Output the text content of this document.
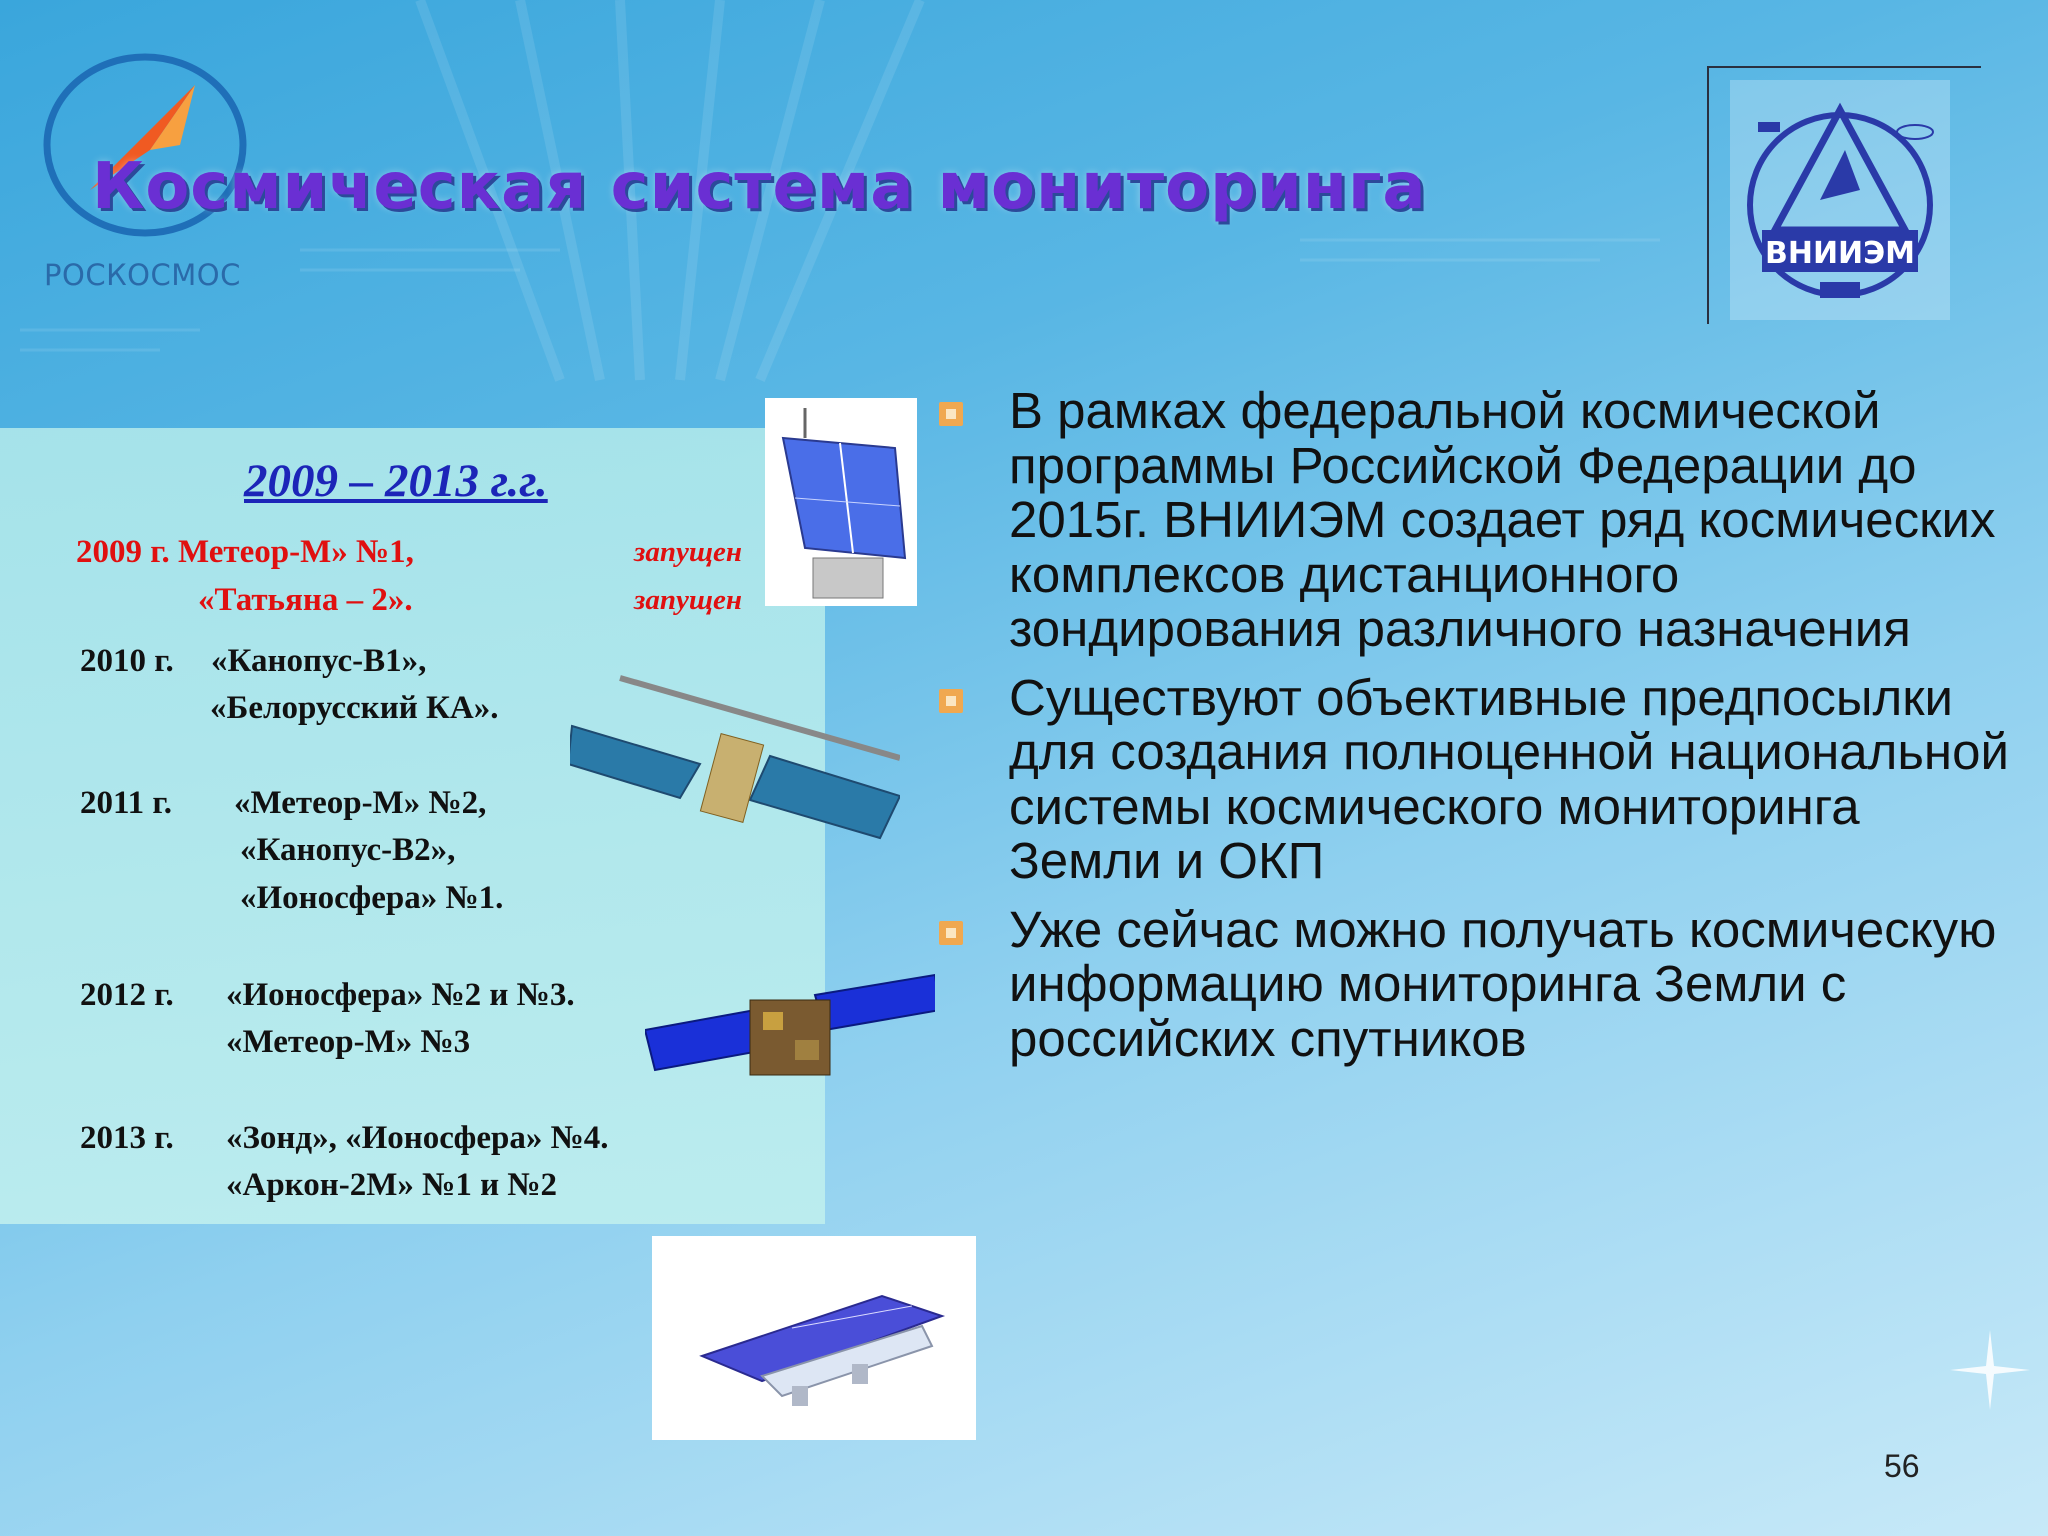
РОСКОСМОС
Космическая система мониторинга
ВНИИЭМ
2009 – 2013 г.г.
2009 г. Метеор-М» №1,	запущен
«Татьяна – 2».	запущен
2010 г. «Канопус-В1»,
«Белорусский КА».
2011 г. «Метеор-М» №2,
«Канопус-В2»,
«Ионосфера» №1.
2012 г. «Ионосфера» №2 и №3.
«Метеор-М» №3
2013 г. «Зонд», «Ионосфера» №4.
«Аркон-2М» №1 и №2
В рамках федеральной космической программы Российской Федерации до 2015г. ВНИИЭМ создает ряд космических комплексов дистанционного зондирования различного назначения
Существуют объективные предпосылки для создания полноценной национальной системы космического мониторинга Земли и ОКП
Уже сейчас можно получать космическую информацию мониторинга Земли с российских спутников
56
